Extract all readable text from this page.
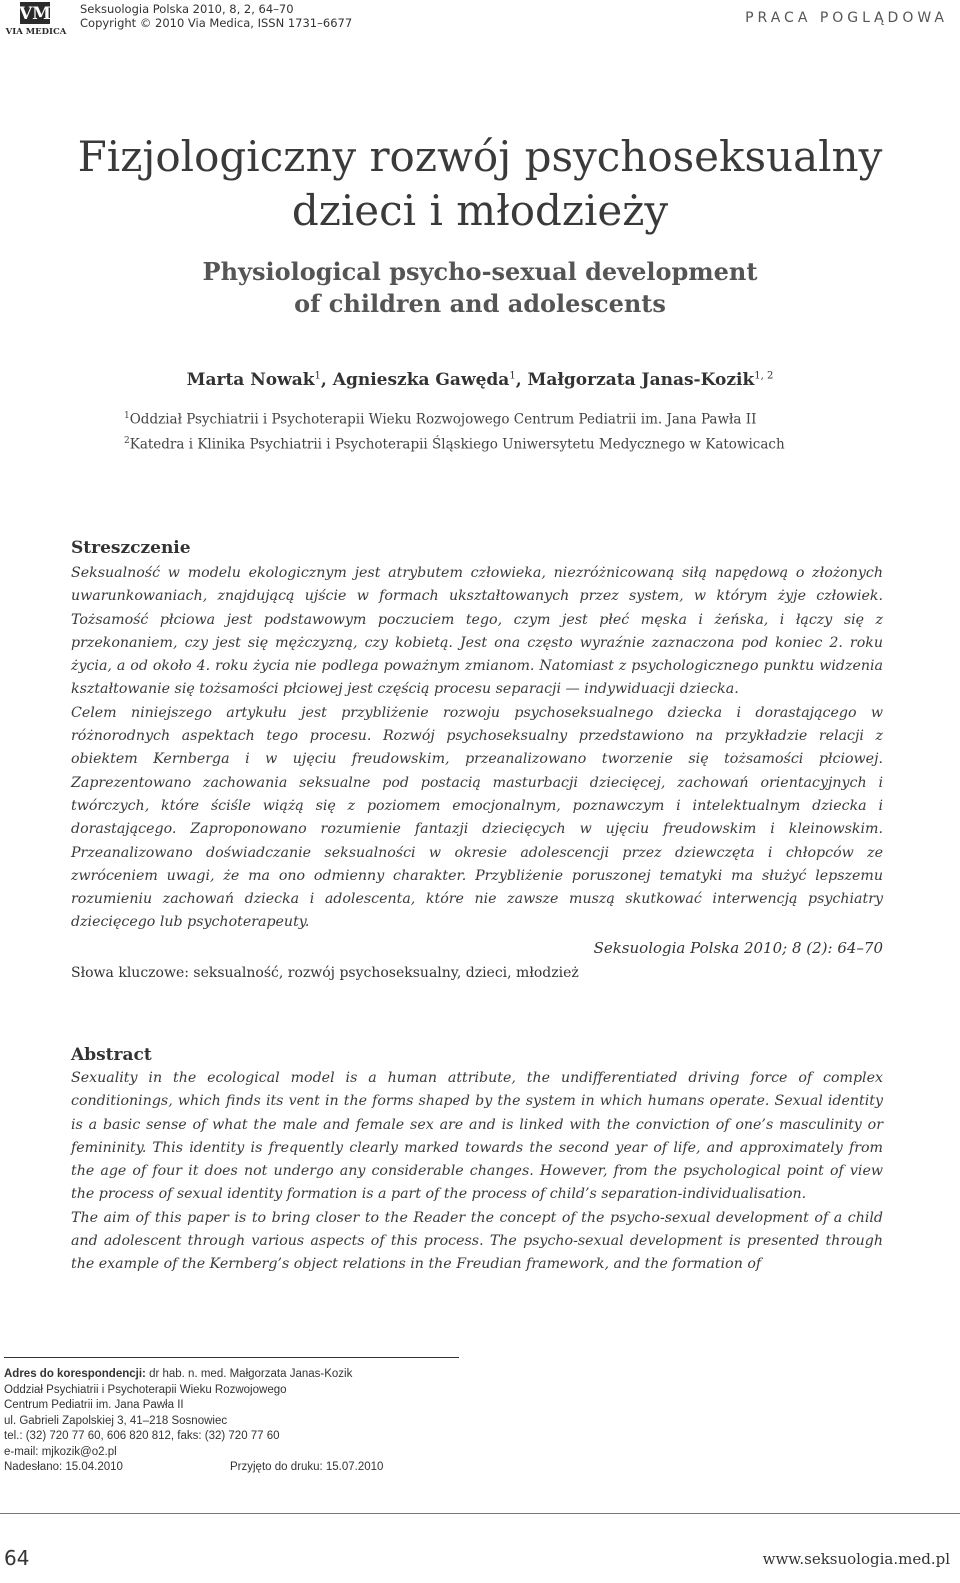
VM
VIA MEDICA
Seksuologia Polska 2010, 8, 2, 64–70
Copyright © 2010 Via Medica, ISSN 1731–6677	PRACA POGLĄDOWA
Fizjologiczny rozwój psychoseksualny
dzieci i młodzieży
Physiological psycho-sexual development
of children and adolescents
Marta Nowak$^1$, Agnieszka Gawęda$^1$, Małgorzata Janas-Kozik$^{1, 2}$
$^1$Oddział Psychiatrii i Psychoterapii Wieku Rozwojowego Centrum Pediatrii im. Jana Pawła II
$^2$Katedra i Klinika Psychiatrii i Psychoterapii Śląskiego Uniwersytetu Medycznego w Katowicach
Streszczenie

Seksualność w modelu ekologicznym jest atrybutem człowieka, niezróżnicowaną siłą napędową o złożonych uwarunkowaniach, znajdującą ujście w formach ukształtowanych przez system, w którym żyje człowiek. Tożsamość płciowa jest podstawowym poczuciem tego, czym jest płeć męska i żeńska, i łączy się z przekonaniem, czy jest się mężczyzną, czy kobietą. Jest ona często wyraźnie zaznaczona pod koniec 2. roku życia, a od około 4. roku życia nie podlega poważnym zmianom. Natomiast z psychologicznego punktu widzenia kształtowanie się tożsamości płciowej jest częścią procesu separacji — indywiduacji dziecka.

Celem niniejszego artykułu jest przybliżenie rozwoju psychoseksualnego dziecka i dorastającego w różnorodnych aspektach tego procesu. Rozwój psychoseksualny przedstawiono na przykładzie relacji z obiektem Kernberga i w ujęciu freudowskim, przeanalizowano tworzenie się tożsamości płciowej. Zaprezentowano zachowania seksualne pod postacią masturbacji dziecięcej, zachowań orientacyjnych i twórczych, które ściśle wiążą się z poziomem emocjonalnym, poznawczym i intelektualnym dziecka i dorastającego. Zaproponowano rozumienie fantazji dziecięcych w ujęciu freudowskim i kleinowskim. Przeanalizowano doświadczanie seksualności w okresie adolescencji przez dziewczęta i chłopców ze zwróceniem uwagi, że ma ono odmienny charakter. Przybliżenie poruszonej tematyki ma służyć lepszemu rozumieniu zachowań dziecka i adolescenta, które nie zawsze muszą skutkować interwencją psychiatry dziecięcego lub psychoterapeuty.

Seksuologia Polska 2010; 8 (2): 64–70
Słowa kluczowe: seksualność, rozwój psychoseksualny, dzieci, młodzież
Abstract

Sexuality in the ecological model is a human attribute, the undifferentiated driving force of complex conditionings, which finds its vent in the forms shaped by the system in which humans operate. Sexual identity is a basic sense of what the male and female sex are and is linked with the conviction of one’s masculinity or femininity. This identity is frequently clearly marked towards the second year of life, and approximately from the age of four it does not undergo any considerable changes. However, from the psychological point of view the process of sexual identity formation is a part of the process of child’s separation-individualisation.

The aim of this paper is to bring closer to the Reader the concept of the psycho-sexual development of a child and adolescent through various aspects of this process. The psycho-sexual development is presented through the example of the Kernberg’s object relations in the Freudian framework, and the formation of

Adres do korespondencji: dr hab. n. med. Małgorzata Janas-Kozik
Oddział Psychiatrii i Psychoterapii Wieku Rozwojowego
Centrum Pediatrii im. Jana Pawła II
ul. Gabrieli Zapolskiej 3, 41–218 Sosnowiec
tel.: (32) 720 77 60, 606 820 812, faks: (32) 720 77 60
e-mail: mjkozik@o2.pl
Nadesłano: 15.04.2010	Przyjęto do druku: 15.07.2010
64	www.seksuologia.med.pl
